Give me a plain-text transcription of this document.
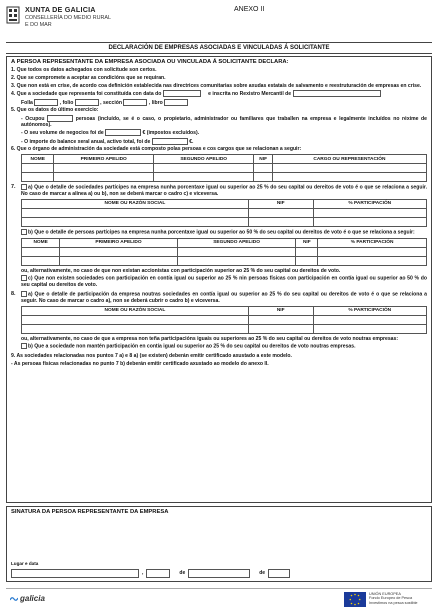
XUNTA DE GALICIA
CONSELLERÍA DO MEDIO RURAL
E DO MAR
ANEXO II
DECLARACIÓN DE EMPRESAS ASOCIADAS E VINCULADAS Á SOLICITANTE
A PERSOA REPRESENTANTE DA EMPRESA ASOCIADA OU VINCULADA Á SOLICITANTE DECLARA:
1. Que todos os datos achegados con solicitude son certos.
2. Que se compromete a aceptar as condicións que se requiran.
3. Que non está en crise, de acordo coa definición establecida nas directrices comunitarias sobre axudas estatais de salvamento e reestruturación de empresas en crise.
4. Que a sociedade que representa foi constituída con data do	e inscrita no Rexistro Mercantil de
Folla	, folio	, sección	, libro
5. Que os datos do último exercicio:
- Ocupou	persoas (incluído, se é o caso, o propietario, administrador ou familiares que traballen na empresa e legalmente incluídos no réxime de autónomos).
- O seu volume de negocios foi de	€ (impostos excluídos).
- O importe do balance xeral anual, activo total, foi de	€.
6. Que o órgano de administración da sociedade está composto polas persoas e cos cargos que se relacionan a seguir:
NOME	PRIMEIRO APELIDO	SEGUNDO APELIDO	NIF	CARGO OU REPRESENTACIÓN

7.	a) Que o detalle de sociedades partícipes na empresa nunha porcentaxe igual ou superior ao 25 % do seu capital ou dereitos de voto é o que se relaciona a seguir. No caso de marcar a alínea a) ou b), non se deberá marcar o cadro c) e viceversa.
NOME OU RAZÓN SOCIAL	NIF	% PARTICIPACIÓN

b) Que o detalle de persoas partícipes na empresa nunha porcentaxe igual ou superior ao 50 % do seu capital ou dereitos de voto é o que se relaciona a seguir:
NOME	PRIMEIRO APELIDO	SEGUNDO APELIDO	NIF	% PARTICIPACIÓN

ou, alternativamente, no caso de que non existan accionistas con participación superior ao 25 % do seu capital ou dereitos de voto.
c) Que non existen sociedades con participación en contía igual ou superior ao 25 % nin persoas físicas con participación en contía igual ou superior ao 50 % do seu capital ou dereitos de voto.
8.	a) Que o detalle de participación da empresa noutras sociedades en contía igual ou superior ao 25 % do seu capital ou dereitos de voto é o que se relaciona a seguir. No caso de marcar o cadro a), non se deberá cubrir o cadro b) e viceversa.
NOME OU RAZÓN SOCIAL	NIF	% PARTICIPACIÓN

ou, alternativamente, no caso de que a empresa non teña participacións iguais ou superiores ao 25 % do seu capital ou dereitos de voto noutras empresas:
b) Que a sociedade non mantén participación en contía igual ou superior ao 25 % do seu capital ou dereitos de voto noutras empresas.
9. As sociedades relacionadas nos puntos 7 a) e 8 a) (se existen) deberán emitir certificado axustado a este modelo.
- As persoas físicas relacionadas no punto 7 b) deberán emitir certificado axustado ao modelo do anexo II.
SINATURA DA PERSOA REPRESENTANTE DA EMPRESA
Lugar e data
,	de	de
galicia	UNIÓN EUROPEA
Fondo Europeo de Pesca
Investimos na pesca sostible
